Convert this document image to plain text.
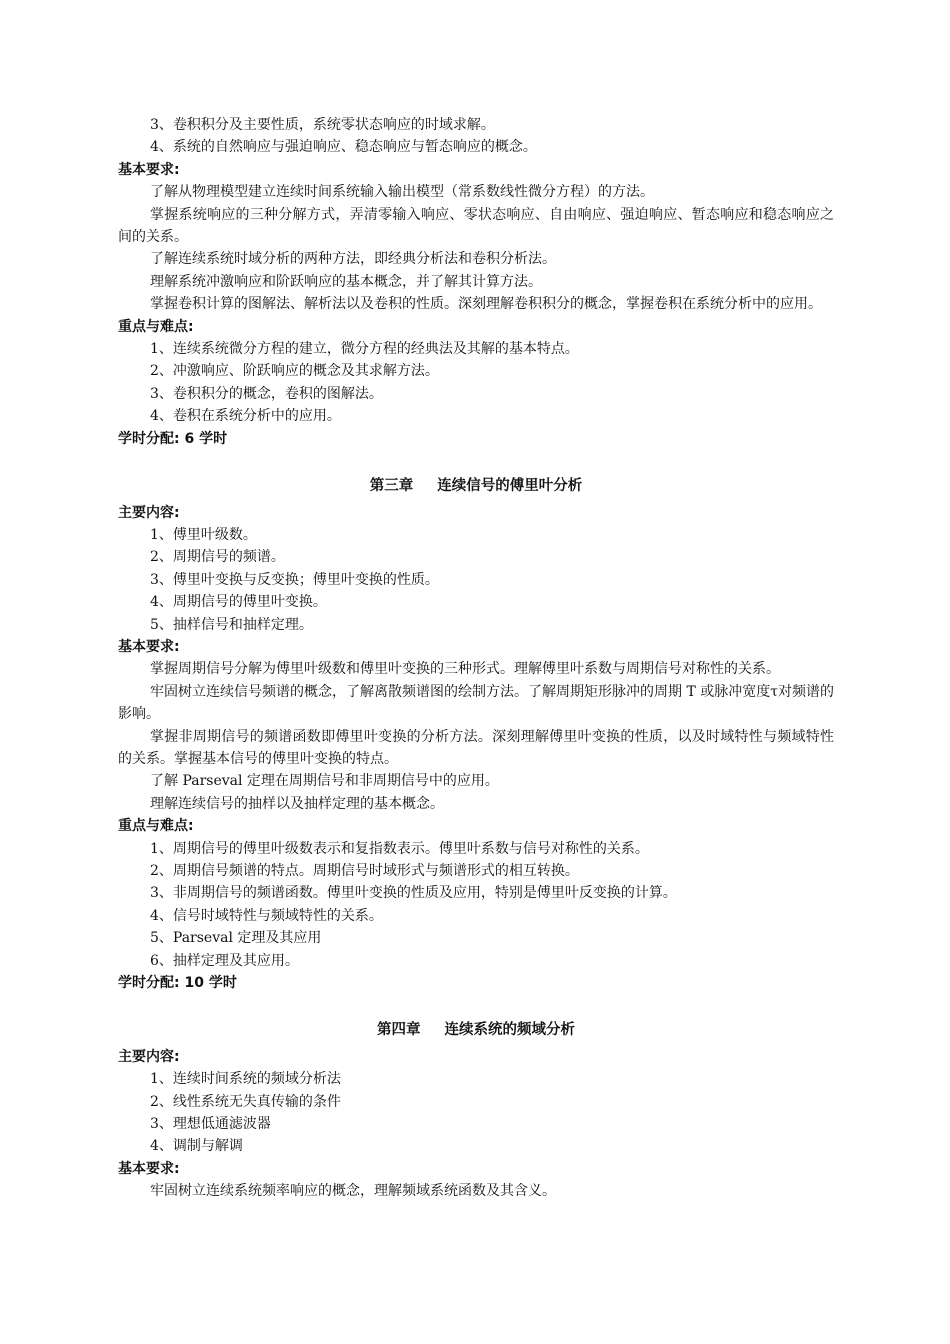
3、卷积积分及主要性质，系统零状态响应的时域求解。

4、系统的自然响应与强迫响应、稳态响应与暂态响应的概念。

基本要求:

了解从物理模型建立连续时间系统输入输出模型（常系数线性微分方程）的方法。

掌握系统响应的三种分解方式，弄清零输入响应、零状态响应、自由响应、强迫响应、暂态响应和稳态响应之间的关系。

了解连续系统时域分析的两种方法，即经典分析法和卷积分析法。

理解系统冲激响应和阶跃响应的基本概念，并了解其计算方法。

掌握卷积计算的图解法、解析法以及卷积的性质。深刻理解卷积积分的概念，掌握卷积在系统分析中的应用。

重点与难点:

1、连续系统微分方程的建立，微分方程的经典法及其解的基本特点。

2、冲激响应、阶跃响应的概念及其求解方法。

3、卷积积分的概念，卷积的图解法。

4、卷积在系统分析中的应用。

学时分配: 6 学时

第三章 连续信号的傅里叶分析

主要内容:

1、傅里叶级数。

2、周期信号的频谱。

3、傅里叶变换与反变换；傅里叶变换的性质。

4、周期信号的傅里叶变换。

5、抽样信号和抽样定理。

基本要求:

掌握周期信号分解为傅里叶级数和傅里叶变换的三种形式。理解傅里叶系数与周期信号对称性的关系。

牢固树立连续信号频谱的概念，了解离散频谱图的绘制方法。了解周期矩形脉冲的周期 T 或脉冲宽度τ对频谱的影响。

掌握非周期信号的频谱函数即傅里叶变换的分析方法。深刻理解傅里叶变换的性质，以及时域特性与频域特性的关系。掌握基本信号的傅里叶变换的特点。

了解 Parseval 定理在周期信号和非周期信号中的应用。

理解连续信号的抽样以及抽样定理的基本概念。

重点与难点:

1、周期信号的傅里叶级数表示和复指数表示。傅里叶系数与信号对称性的关系。

2、周期信号频谱的特点。周期信号时域形式与频谱形式的相互转换。

3、非周期信号的频谱函数。傅里叶变换的性质及应用，特别是傅里叶反变换的计算。

4、信号时域特性与频域特性的关系。

5、Parseval 定理及其应用

6、抽样定理及其应用。

学时分配: 10 学时

第四章 连续系统的频域分析

主要内容:

1、连续时间系统的频域分析法

2、线性系统无失真传输的条件

3、理想低通滤波器

4、调制与解调

基本要求:

牢固树立连续系统频率响应的概念，理解频域系统函数及其含义。
